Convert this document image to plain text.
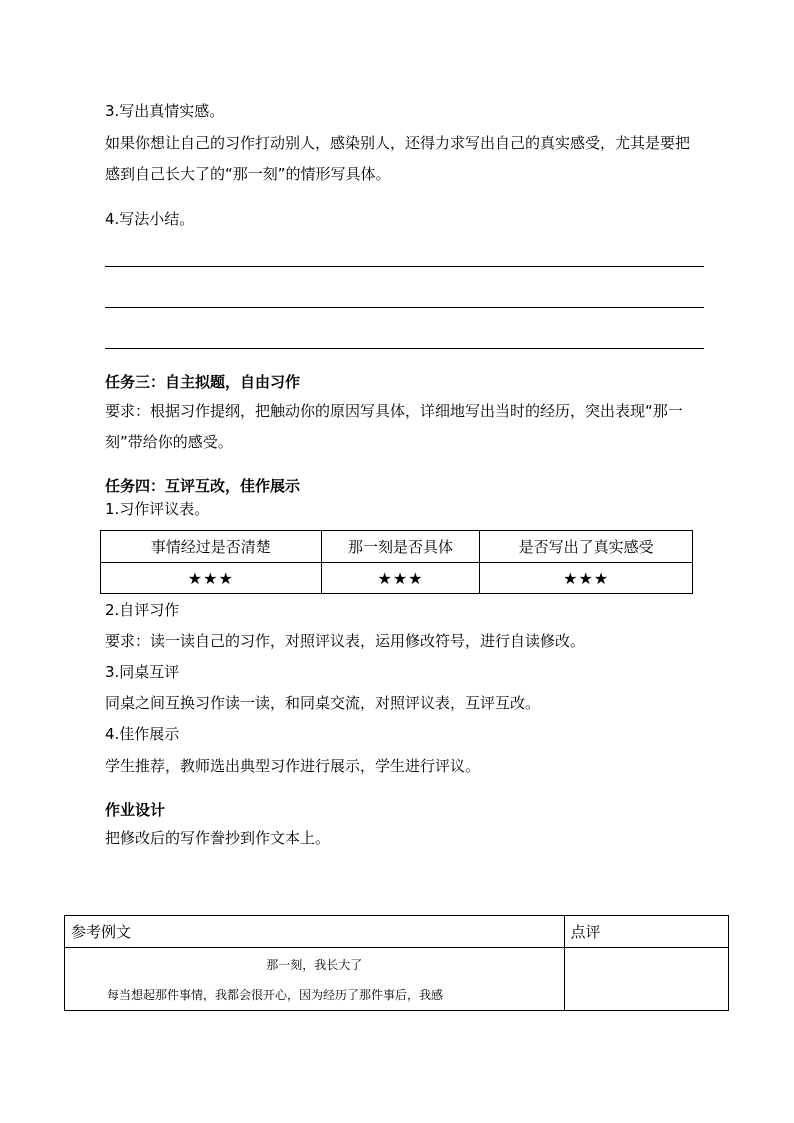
3.写出真情实感。
如果你想让自己的习作打动别人，感染别人，还得力求写出自己的真实感受，尤其是要把
感到自己长大了的“那一刻”的情形写具体。
4.写法小结。
任务三：自主拟题，自由习作
要求：根据习作提纲，把触动你的原因写具体，详细地写出当时的经历，突出表现“那一
刻”带给你的感受。
任务四：互评互改，佳作展示
1.习作评议表。
事情经过是否清楚	那一刻是否具体	是否写出了真实感受
★★★	★★★	★★★
2.自评习作
要求：读一读自己的习作，对照评议表，运用修改符号，进行自读修改。
3.同桌互评
同桌之间互换习作读一读，和同桌交流，对照评议表，互评互改。
4.佳作展示
学生推荐，教师选出典型习作进行展示，学生进行评议。
作业设计
把修改后的写作誊抄到作文本上。
参考例文	点评

那一刻，我长大了
每当想起那件事情，我都会很开心，因为经历了那件事后，我感	
